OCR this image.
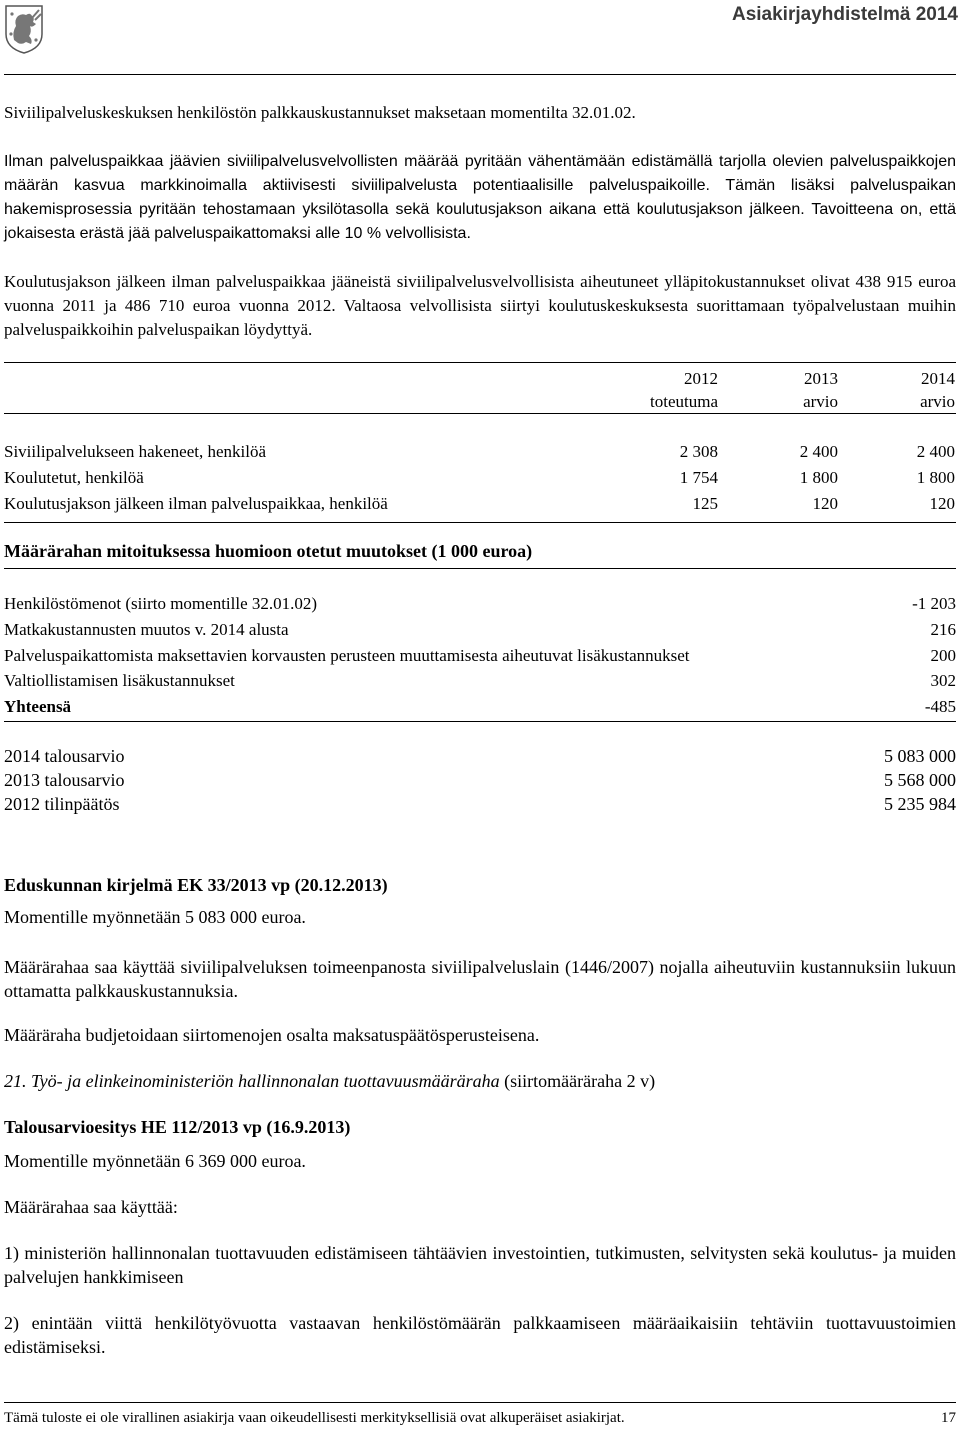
Asiakirjayhdistelmä 2014
Siviilipalveluskeskuksen henkilöstön palkkauskustannukset maksetaan momentilta 32.01.02.
Ilman palveluspaikkaa jäävien siviilipalvelusvelvollisten määrää pyritään vähentämään edistämällä tarjolla olevien palveluspaikkojen määrän kasvua markkinoimalla aktiivisesti siviilipalvelusta potentiaalisille palveluspaikoille. Tämän lisäksi palveluspaikan hakemisprosessia pyritään tehostamaan yksilötasolla sekä koulutusjakson aikana että koulutusjakson jälkeen. Tavoitteena on, että jokaisesta erästä jää palveluspaikattomaksi alle 10 % velvollisista.
Koulutusjakson jälkeen ilman palveluspaikkaa jääneistä siviilipalvelusvelvollisista aiheutuneet ylläpitokustannukset olivat 438 915 euroa vuonna 2011 ja 486 710 euroa vuonna 2012. Valtaosa velvollisista siirtyi koulutuskeskuksesta suorittamaan työpalvelustaan muihin palveluspaikkoihin palveluspaikan löydyttyä.
2012	2013	2014
toteutuma	arvio	arvio
Siviilipalvelukseen hakeneet, henkilöä	2 308	2 400	2 400
Koulutetut, henkilöä	1 754	1 800	1 800
Koulutusjakson jälkeen ilman palveluspaikkaa, henkilöä	125	120	120
Määrärahan mitoituksessa huomioon otetut muutokset (1 000 euroa)
Henkilöstömenot (siirto momentille 32.01.02)	-1 203
Matkakustannusten muutos v. 2014 alusta	216
Palveluspaikattomista maksettavien korvausten perusteen muuttamisesta aiheutuvat lisäkustannukset	200
Valtiollistamisen lisäkustannukset	302
Yhteensä	-485
2014 talousarvio	5 083 000
2013 talousarvio	5 568 000
2012 tilinpäätös	5 235 984
Eduskunnan kirjelmä EK 33/2013 vp (20.12.2013)
Momentille myönnetään 5 083 000 euroa.
Määrärahaa saa käyttää siviilipalveluksen toimeenpanosta siviilipalveluslain (1446/2007) nojalla aiheutuviin kustannuksiin lukuun ottamatta palkkauskustannuksia.
Määräraha budjetoidaan siirtomenojen osalta maksatuspäätösperusteisena.
21. Työ- ja elinkeinoministeriön hallinnonalan tuottavuusmääräraha (siirtomääräraha 2 v)
Talousarvioesitys HE 112/2013 vp (16.9.2013)
Momentille myönnetään 6 369 000 euroa.
Määrärahaa saa käyttää:
1) ministeriön hallinnonalan tuottavuuden edistämiseen tähtäävien investointien, tutkimusten, selvitysten sekä koulutus- ja muiden palvelujen hankkimiseen
2) enintään viittä henkilötyövuotta vastaavan henkilöstömäärän palkkaamiseen määräaikaisiin tehtäviin tuottavuustoimien edistämiseksi.
Tämä tuloste ei ole virallinen asiakirja vaan oikeudellisesti merkityksellisiä ovat alkuperäiset asiakirjat.	17
